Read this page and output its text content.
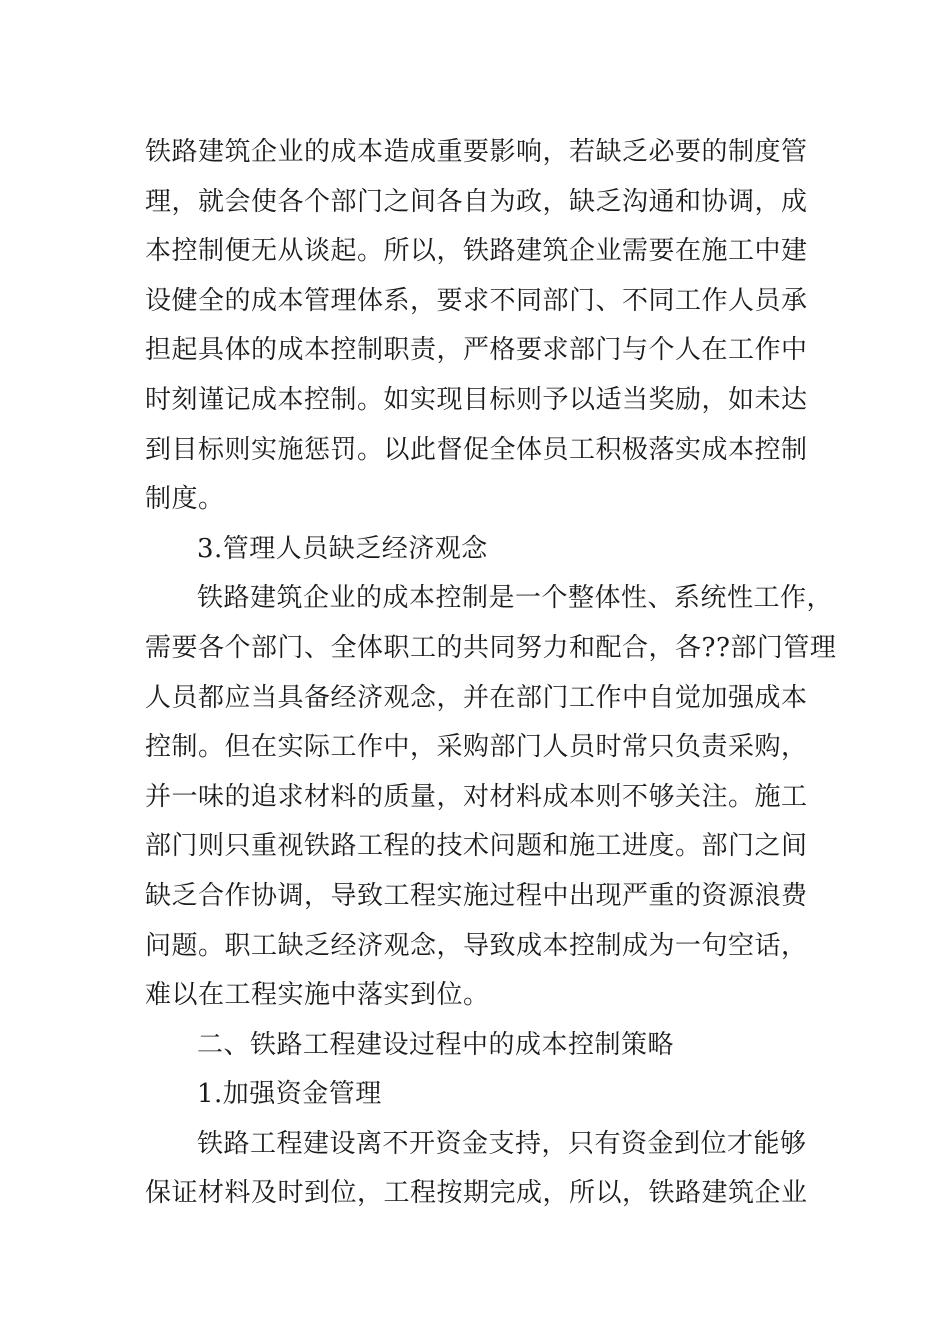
铁路建筑企业的成本造成重要影响，若缺乏必要的制度管
理，就会使各个部门之间各自为政，缺乏沟通和协调，成
本控制便无从谈起。所以，铁路建筑企业需要在施工中建
设健全的成本管理体系，要求不同部门、不同工作人员承
担起具体的成本控制职责，严格要求部门与个人在工作中
时刻谨记成本控制。如实现目标则予以适当奖励，如未达
到目标则实施惩罚。以此督促全体员工积极落实成本控制
制度。
3.管理人员缺乏经济观念
铁路建筑企业的成本控制是一个整体性、系统性工作，
需要各个部门、全体职工的共同努力和配合，各??部门管理
人员都应当具备经济观念，并在部门工作中自觉加强成本
控制。但在实际工作中，采购部门人员时常只负责采购，
并一味的追求材料的质量，对材料成本则不够关注。施工
部门则只重视铁路工程的技术问题和施工进度。部门之间
缺乏合作协调，导致工程实施过程中出现严重的资源浪费
问题。职工缺乏经济观念，导致成本控制成为一句空话，
难以在工程实施中落实到位。
二、铁路工程建设过程中的成本控制策略
1.加强资金管理
铁路工程建设离不开资金支持，只有资金到位才能够
保证材料及时到位，工程按期完成，所以，铁路建筑企业
